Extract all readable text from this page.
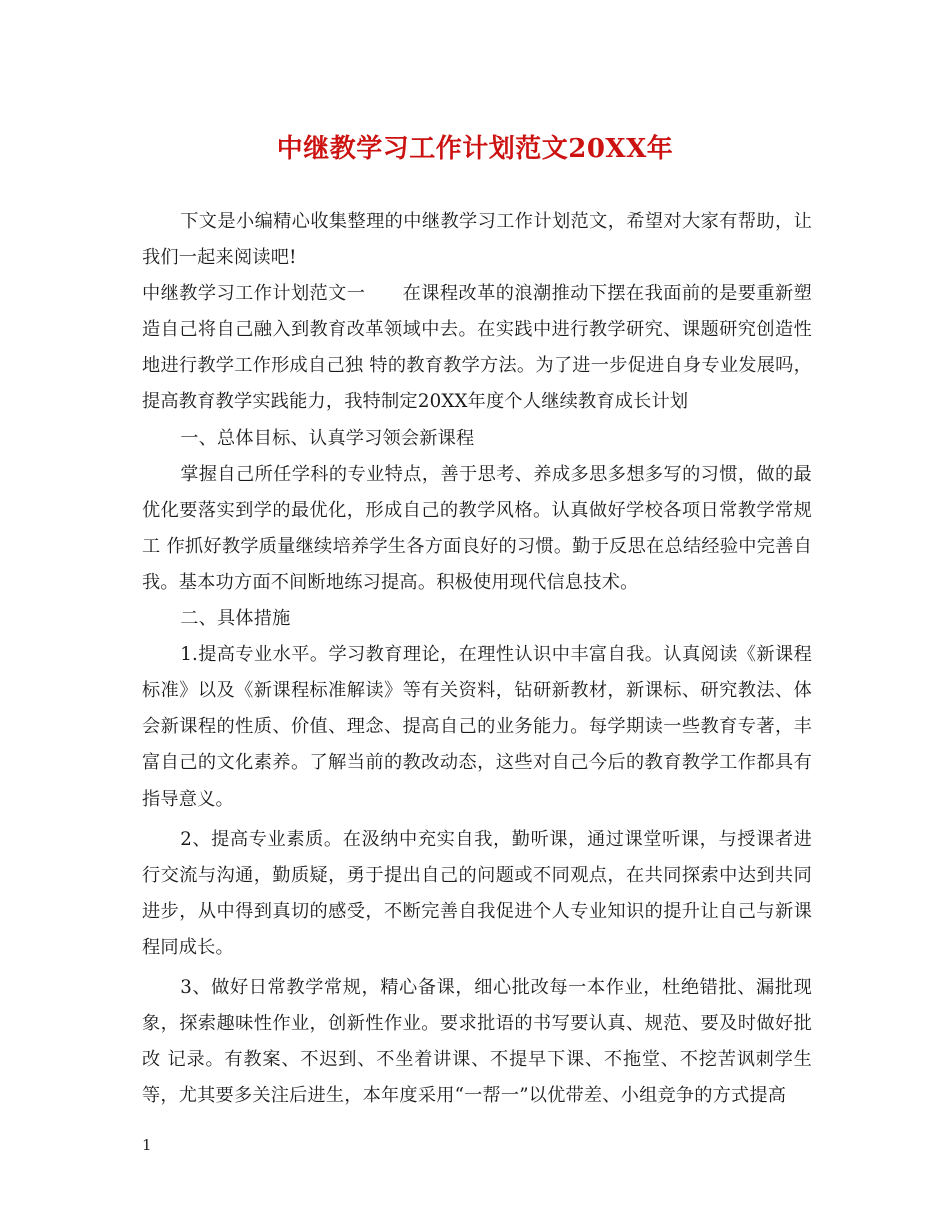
中继教学习工作计划范文20XX年

下文是小编精心收集整理的中继教学习工作计划范文，希望对大家有帮助，让我们一起来阅读吧!

中继教学习工作计划范文一　　在课程改革的浪潮推动下摆在我面前的是要重新塑造自己将自己融入到教育改革领域中去。在实践中进行教学研究、课题研究创造性地进行教学工作形成自己独 特的教育教学方法。为了进一步促进自身专业发展吗，提高教育教学实践能力，我特制定20XX年度个人继续教育成长计划

一、总体目标、认真学习领会新课程

掌握自己所任学科的专业特点，善于思考、养成多思多想多写的习惯，做的最优化要落实到学的最优化，形成自己的教学风格。认真做好学校各项日常教学常规工 作抓好教学质量继续培养学生各方面良好的习惯。勤于反思在总结经验中完善自我。基本功方面不间断地练习提高。积极使用现代信息技术。

二、具体措施

1.提高专业水平。学习教育理论，在理性认识中丰富自我。认真阅读《新课程标准》以及《新课程标准解读》等有关资料，钻研新教材，新课标、研究教法、体会新课程的性质、价值、理念、提高自己的业务能力。每学期读一些教育专著，丰富自己的文化素养。了解当前的教改动态，这些对自己今后的教育教学工作都具有指导意义。

2、提高专业素质。在汲纳中充实自我，勤听课，通过课堂听课，与授课者进行交流与沟通，勤质疑，勇于提出自己的问题或不同观点，在共同探索中达到共同进步，从中得到真切的感受，不断完善自我促进个人专业知识的提升让自己与新课程同成长。

3、做好日常教学常规，精心备课，细心批改每一本作业，杜绝错批、漏批现象，探索趣味性作业，创新性作业。要求批语的书写要认真、规范、要及时做好批改 记录。有教案、不迟到、不坐着讲课、不提早下课、不拖堂、不挖苦讽刺学生等，尤其要多关注后进生，本年度采用“一帮一”以优带差、小组竞争的方式提高

1
